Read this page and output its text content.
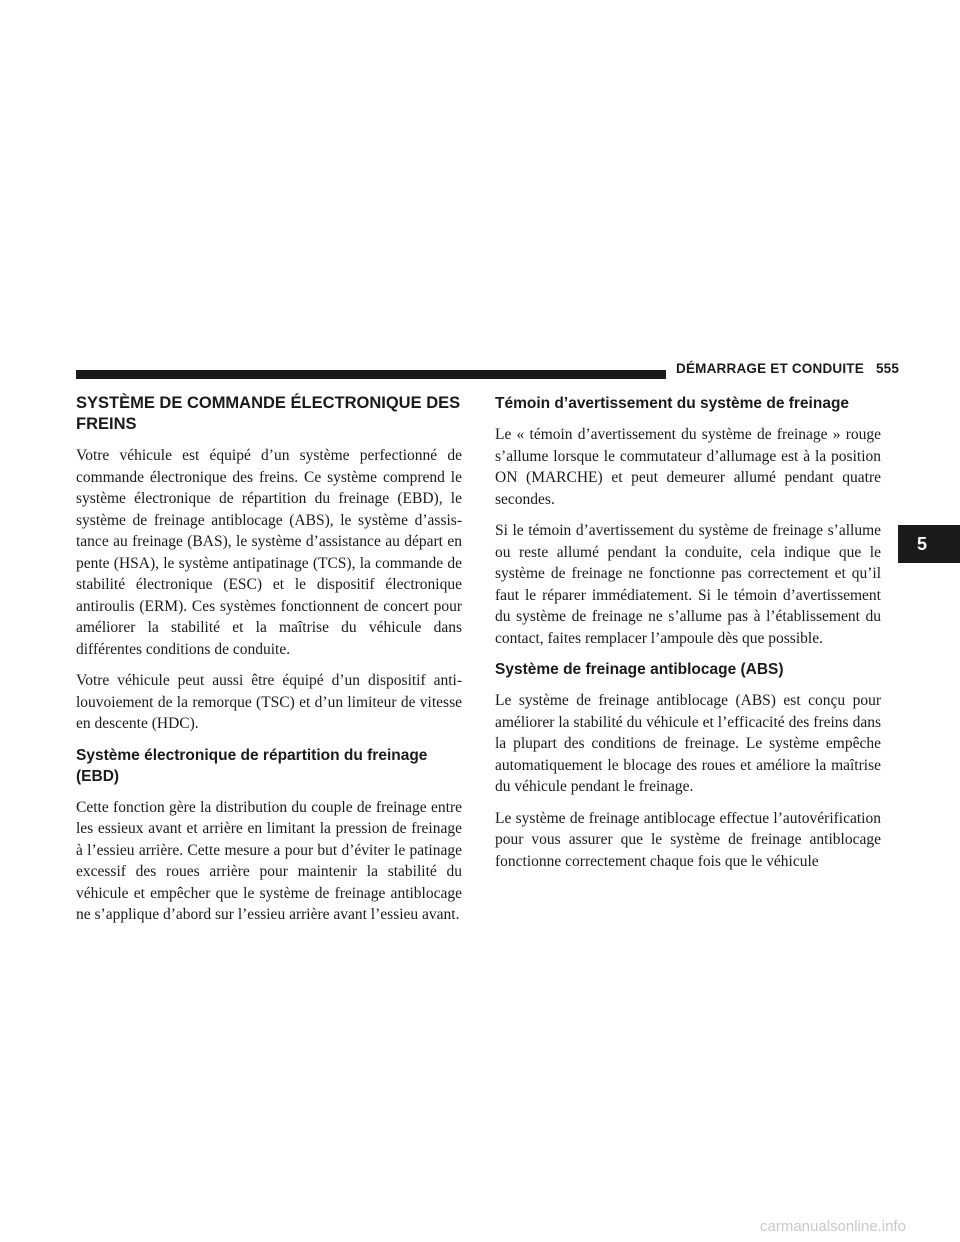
DÉMARRAGE ET CONDUITE 555
5
SYSTÈME DE COMMANDE ÉLECTRONIQUE DES FREINS

Votre véhicule est équipé d’un système perfectionné de commande électronique des freins. Ce système comprend le système électronique de répartition du freinage (EBD), le système de freinage antiblocage (ABS), le système d’assistance au freinage (BAS), le système d’assistance au départ en pente (HSA), le système antipatinage (TCS), la commande de stabilité électronique (ESC) et le dispositif électronique antiroulis (ERM). Ces systèmes fonctionnent de concert pour améliorer la stabilité et la maîtrise du véhicule dans différentes conditions de conduite.

Votre véhicule peut aussi être équipé d’un dispositif antilouvoiement de la remorque (TSC) et d’un limiteur de vitesse en descente (HDC).

Système électronique de répartition du freinage (EBD)

Cette fonction gère la distribution du couple de freinage entre les essieux avant et arrière en limitant la pression de freinage à l’essieu arrière. Cette mesure a pour but d’éviter le patinage excessif des roues arrière pour maintenir la stabilité du véhicule et empêcher que le système de freinage antiblocage ne s’applique d’abord sur l’essieu arrière avant l’essieu avant.

Témoin d’avertissement du système de freinage

Le « témoin d’avertissement du système de freinage » rouge s’allume lorsque le commutateur d’allumage est à la position ON (MARCHE) et peut demeurer allumé pendant quatre secondes.

Si le témoin d’avertissement du système de freinage s’allume ou reste allumé pendant la conduite, cela indique que le système de freinage ne fonctionne pas correctement et qu’il faut le réparer immédiatement. Si le témoin d’avertissement du système de freinage ne s’allume pas à l’établissement du contact, faites remplacer l’ampoule dès que possible.

Système de freinage antiblocage (ABS)

Le système de freinage antiblocage (ABS) est conçu pour améliorer la stabilité du véhicule et l’efficacité des freins dans la plupart des conditions de freinage. Le système empêche automatiquement le blocage des roues et améliore la maîtrise du véhicule pendant le freinage.

Le système de freinage antiblocage effectue l’autovérification pour vous assurer que le système de freinage antiblocage fonctionne correctement chaque fois que le véhicule

carmanualsonline.info
